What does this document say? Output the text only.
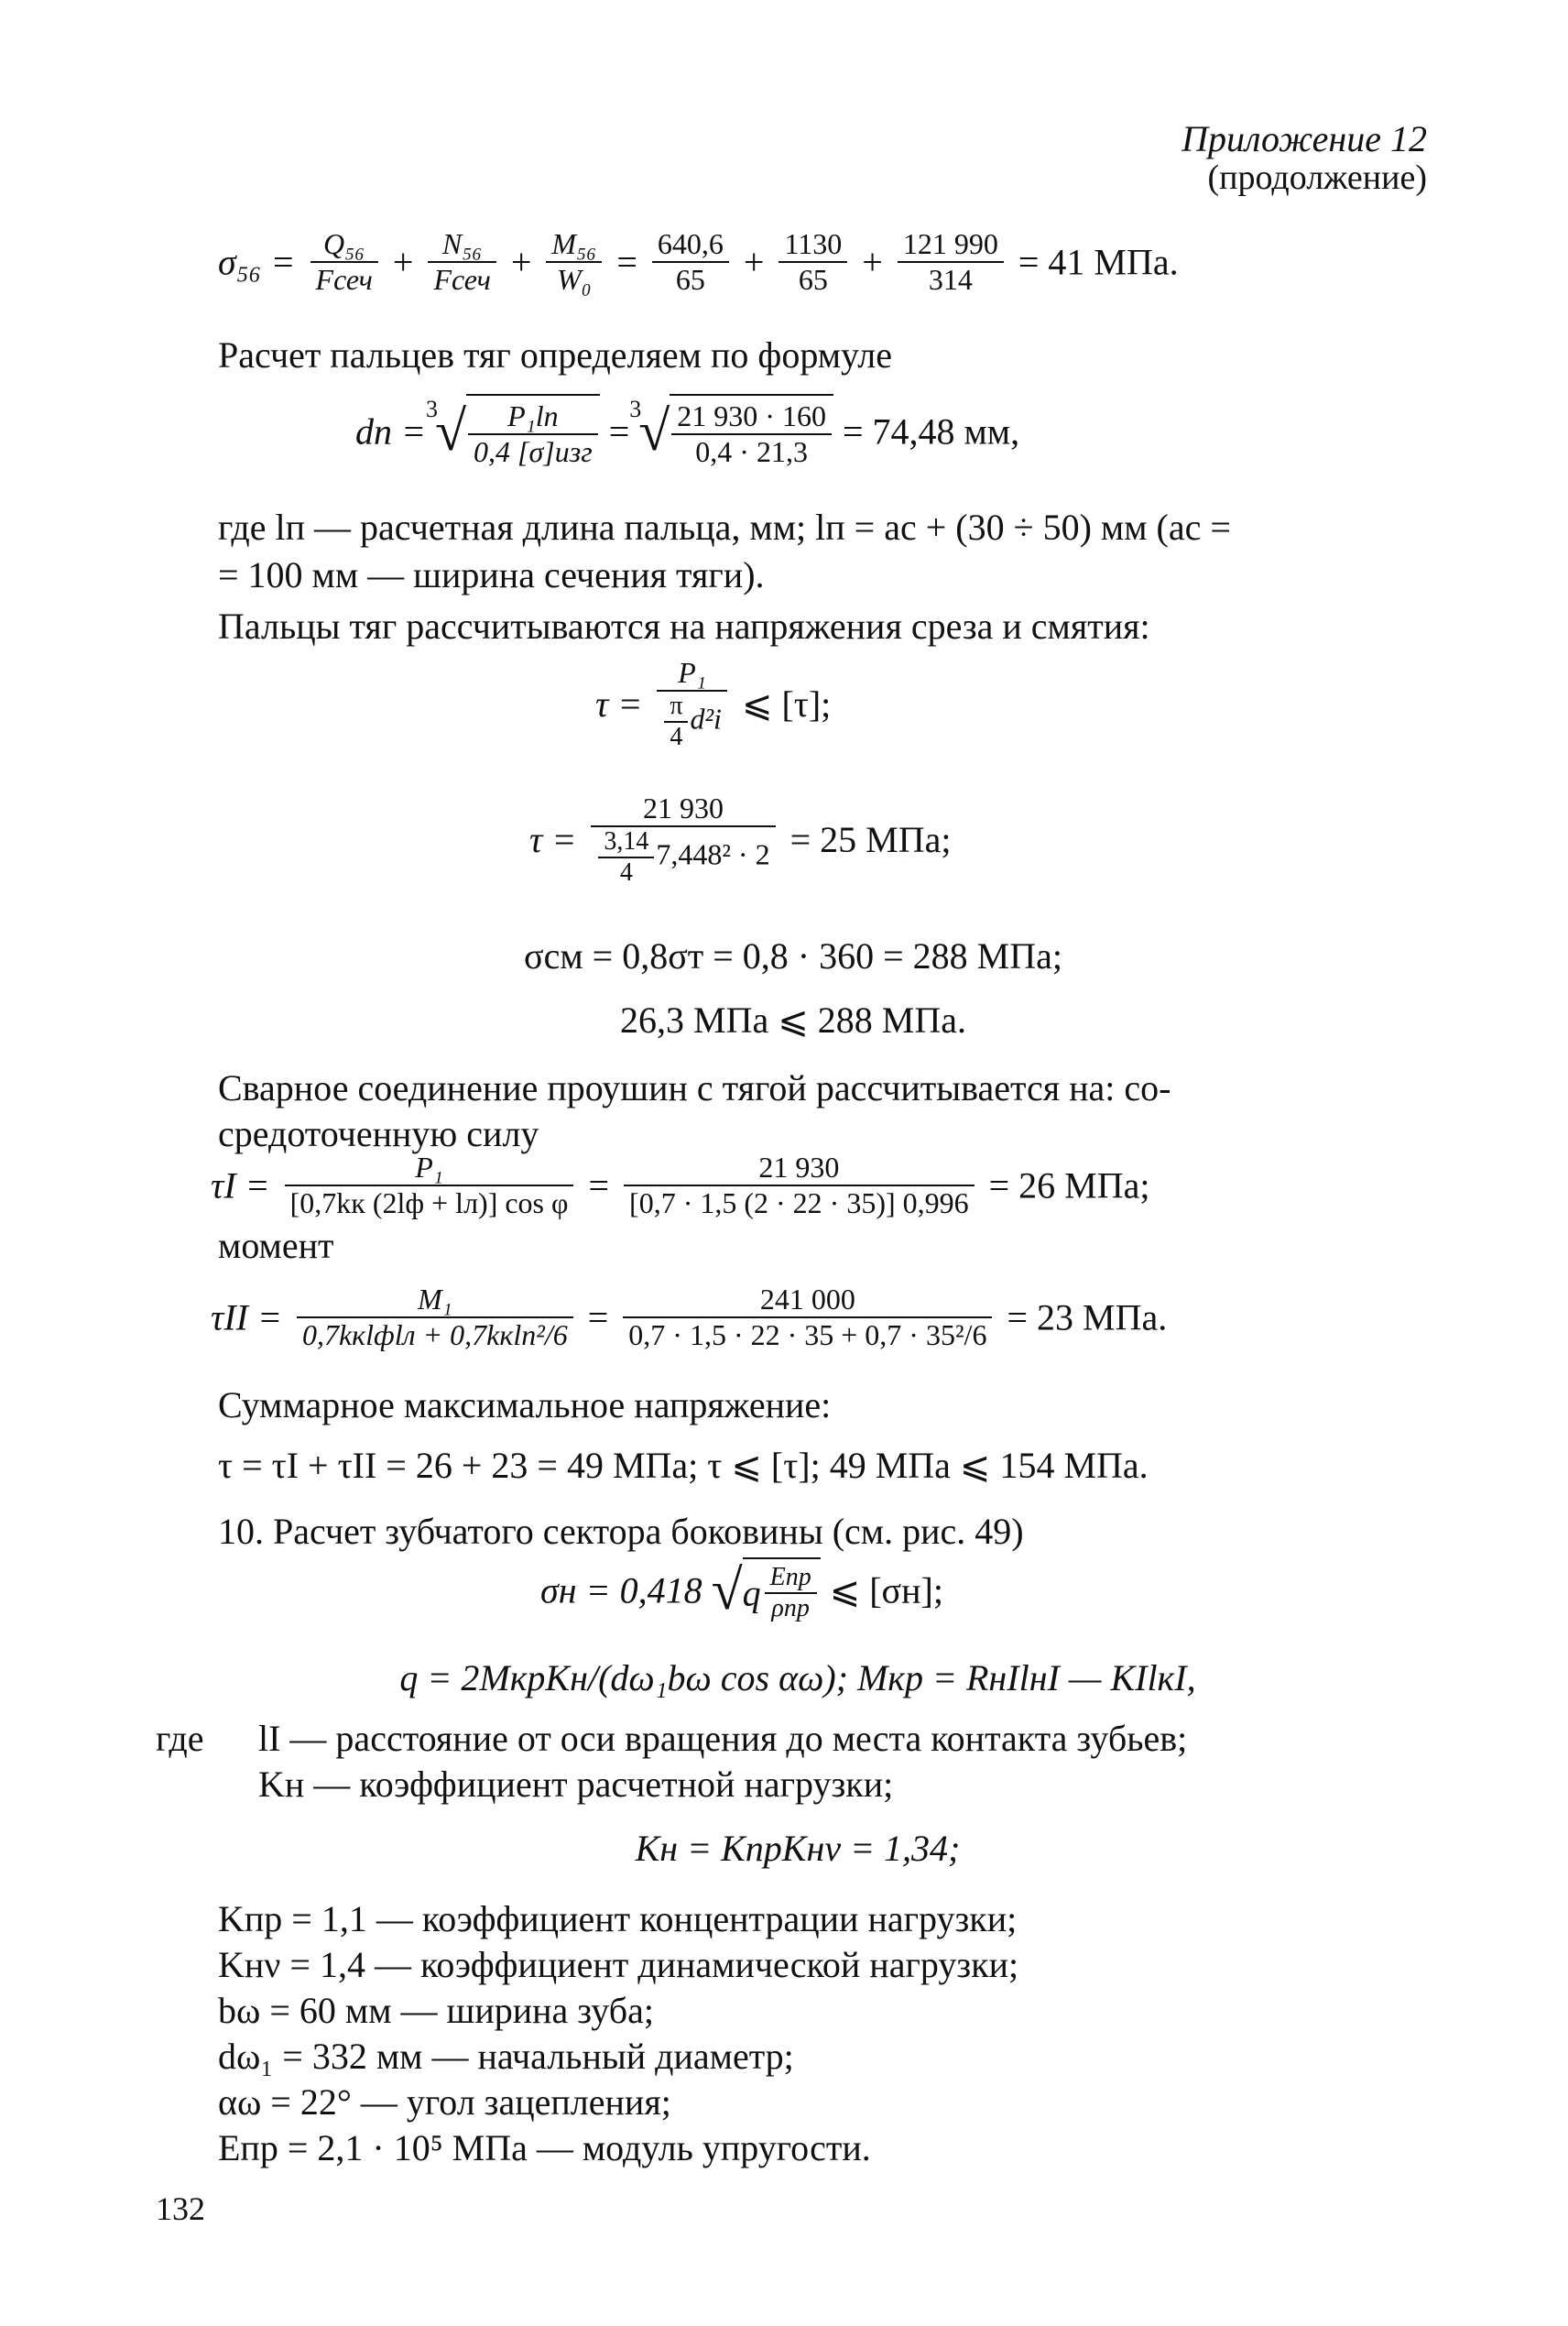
Приложение 12
(продолжение)
$\sigma_{56} = \frac{\text{Q₅₆}}{\text{Fсеч}} + \frac{\text{N₅₆}}{\text{Fсеч}} + \frac{\text{M₅₆}}{\text{W₀}} = \frac{640,6}{65} + \frac{1130}{65} + \frac{121 990}{314} = 41$ МПа.
Расчет пальцев тяг определяем по формуле
dп =
3
√ $\frac{\text{P₁lп}}{\text{0,4 [σ]изг}}$ =
3
√ $\frac{21 930 \cdot 160}{0,4 \cdot 21,3} = 74,48$ мм,
где lп — расчетная длина пальца, мм; lп = aс + (30 ÷ 50) мм (aс =
= 100 мм — ширина сечения тяги).
Пальцы тяг рассчитываются на напряжения среза и смятия:
$\tau = \frac{\text{P₁}}{\frac{\pi}{4} d^2i}$ ⩽ [τ];
$\tau = \frac{21 930}{\frac{3,14}{4} 7,448^2 \cdot 2} = 25$ МПа;
σсм = 0,8σт = 0,8 · 360 = 288 МПа;
26,3 МПа ⩽ 288 МПа.
Сварное соединение проушин с тягой рассчитывается на: со-
средоточенную силу
$\tau I = \frac{\text{P₁}}{\text{[0,7kк (2lф + lл)] cos φ}} = \frac{21 930}{[0,7 \cdot 1,5 (2 \cdot 22 \cdot 35)] 0,996} = 26$ МПа;
момент
$\tau II = \frac{\text{M₁}}{\text{0,7kкlфlл + 0,7kкlп²/6}} = \frac{241 000}{\text{0,7 · 1,5 · 22 · 35 + 0,7 · 35²/6}} = 23$ МПа.
Суммарное максимальное напряжение:
τ = τI + τII = 26 + 23 = 49 МПа; τ ⩽ [τ]; 49 МПа ⩽ 154 МПа.
10. Расчет зубчатого сектора боковины (см. рис. 49)
σн = 0,418 $√q \frac{\text{Eпр}}{\text{ρпр}}$ ⩽ [σн];
q = 2MкрKн/(dω₁bω cos αω); Mкр = RнIlнI — KIlкI,
где lI — расстояние от оси вращения до места контакта зубьев;
Kн — коэффициент расчетной нагрузки;
Kн = KпрKнν = 1,34;
Kпр = 1,1 — коэффициент концентрации нагрузки;
Kнν = 1,4 — коэффициент динамической нагрузки;
bω = 60 мм — ширина зуба;
dω₁ = 332 мм — начальный диаметр;
αω = 22° — угол зацепления;
Eпр = 2,1 · 10⁵ МПа — модуль упругости.
132
